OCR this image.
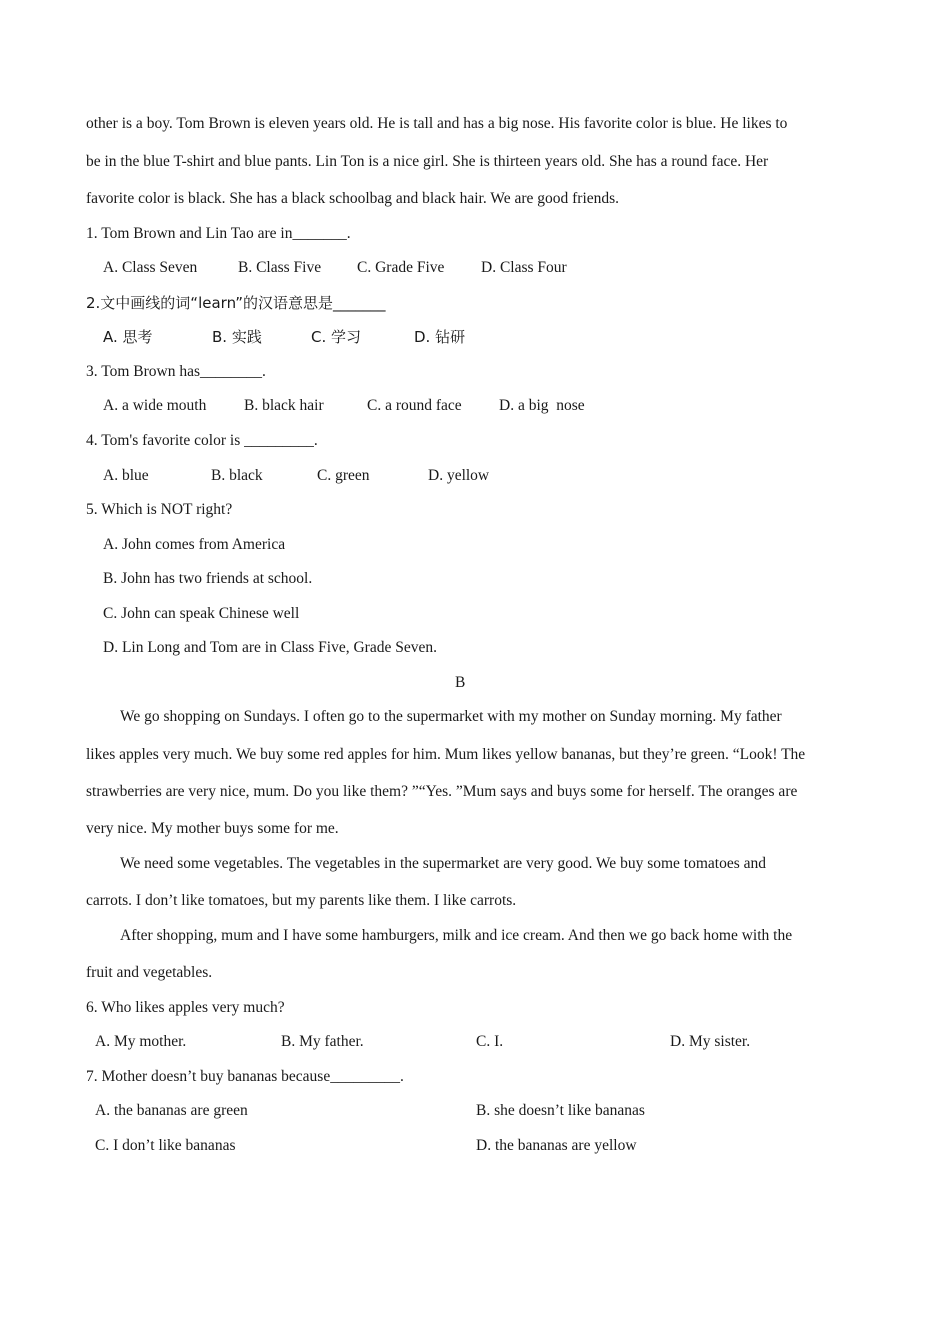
other is a boy. Tom Brown is eleven years old. He is tall and has a big nose. His favorite color is blue. He likes to
be in the blue T-shirt and blue pants. Lin Ton is a nice girl. She is thirteen years old. She has a round face. Her
favorite color is black. She has a black schoolbag and black hair. We are good friends.
1. Tom Brown and Lin Tao are in_______.
A. Class Seven	B. Class Five C. Grade Five D. Class Four
2.文中画线的词“learn”的汉语意思是_______
A. 思考	B. 实践	C. 学习	D. 钻研
3. Tom Brown has________.
A. a wide mouth B. black hair	C. a round face D. a big  nose
4. Tom's favorite color is _________.
A. blue	B. black	C. green	D. yellow
5. Which is NOT right?
A. John comes from America
B. John has two friends at school.
C. John can speak Chinese well
D. Lin Long and Tom are in Class Five, Grade Seven.
B
We go shopping on Sundays. I often go to the supermarket with my mother on Sunday morning. My father
likes apples very much. We buy some red apples for him. Mum likes yellow bananas, but they’re green. “Look! The
strawberries are very nice, mum. Do you like them? ”“Yes. ”Mum says and buys some for herself. The oranges are
very nice. My mother buys some for me.
We need some vegetables. The vegetables in the supermarket are very good. We buy some tomatoes and
carrots. I don’t like tomatoes, but my parents like them. I like carrots.
After shopping, mum and I have some hamburgers, milk and ice cream. And then we go back home with the
fruit and vegetables.
6. Who likes apples very much?
A. My mother.	B. My father.	C. I.	D. My sister.
7. Mother doesn’t buy bananas because_________.
A. the bananas are green	B. she doesn’t like bananas
C. I don’t like bananas	D. the bananas are yellow
